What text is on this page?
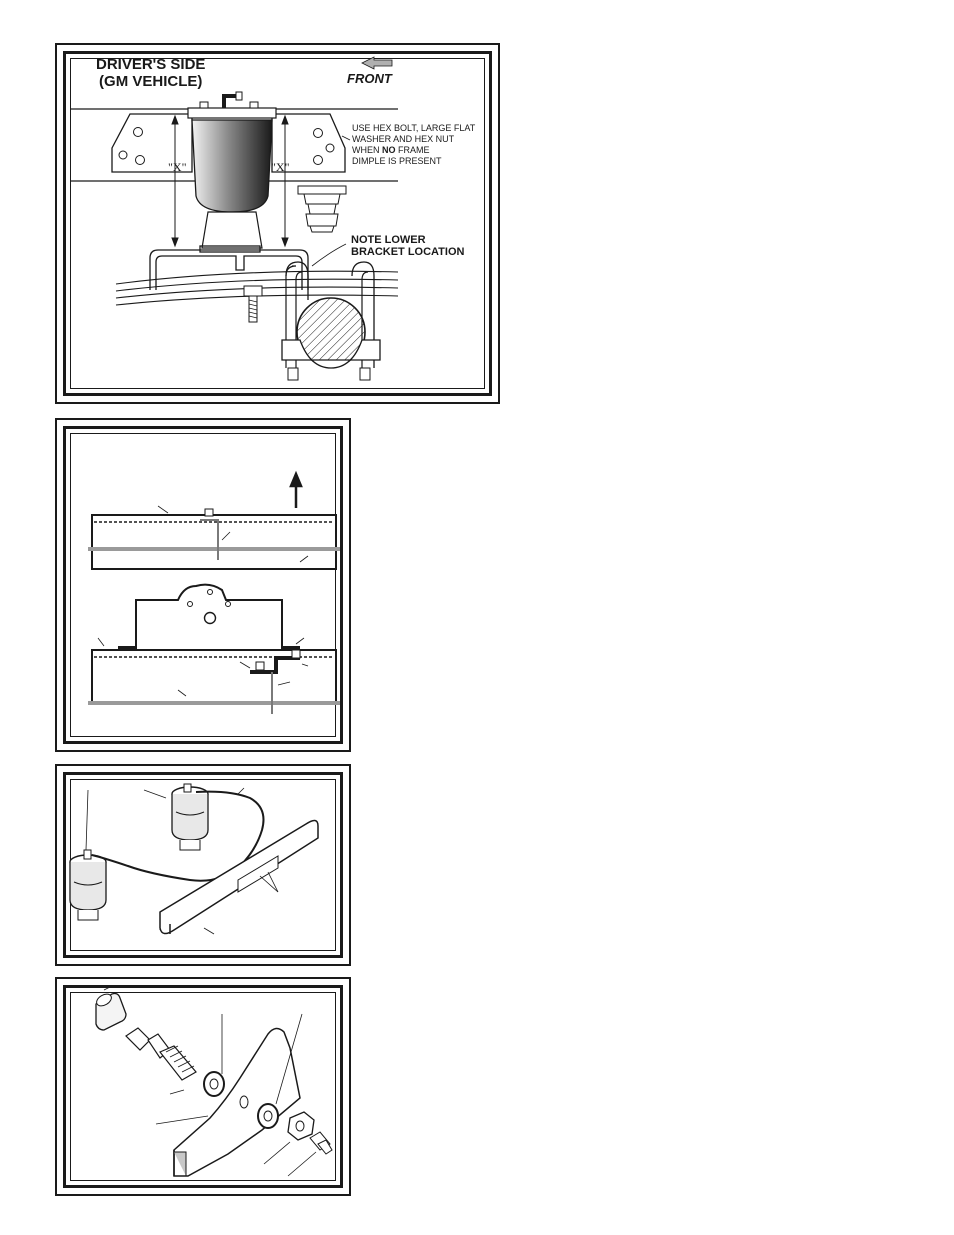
DRIVER'S SIDE
(GM VEHICLE)	FRONT
USE HEX BOLT, LARGE FLAT
WASHER AND HEX NUT
WHEN NO FRAME
DIMPLE IS PRESENT
NOTE LOWER
BRACKET LOCATION
"X"	"X"
